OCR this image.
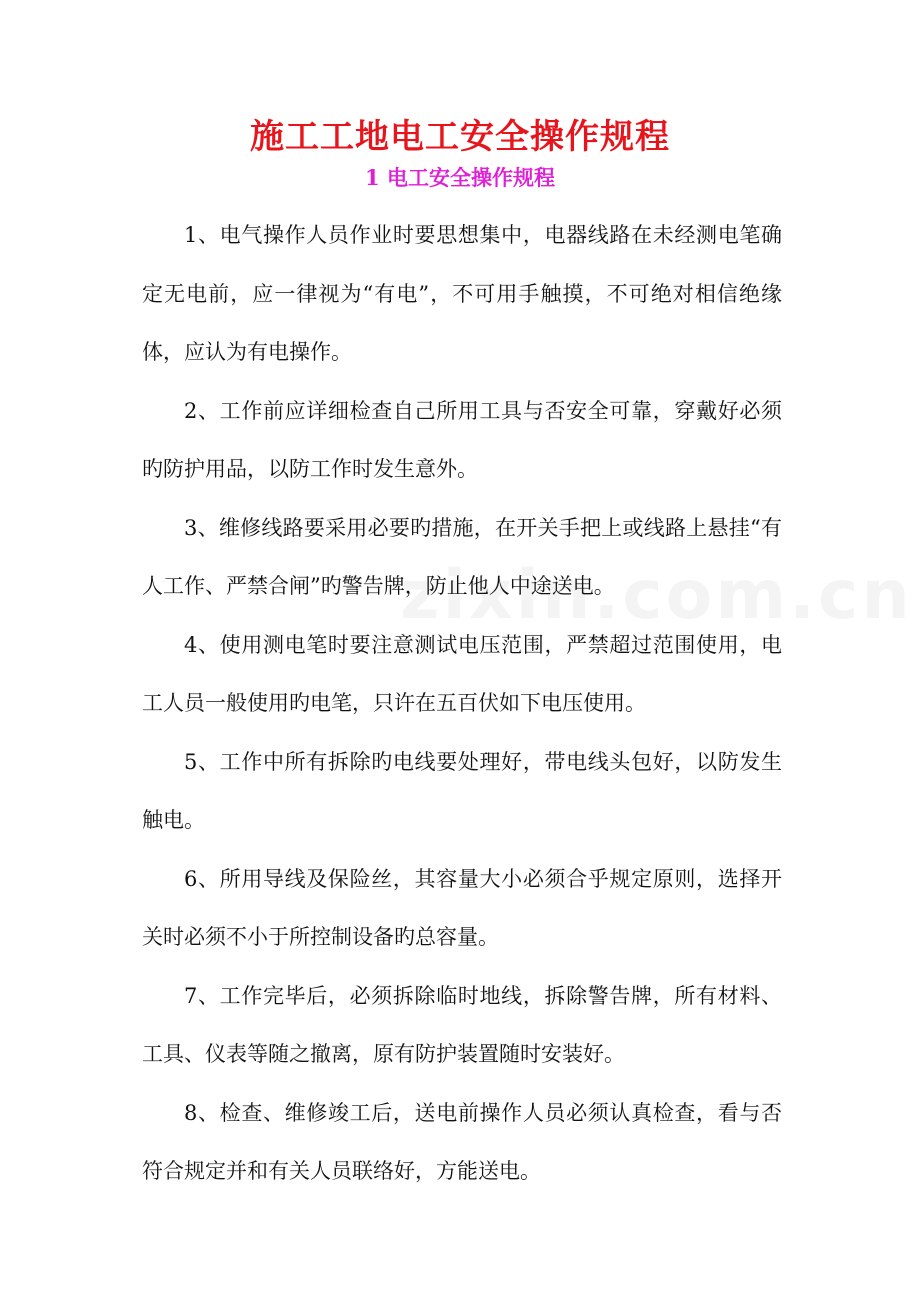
施工工地电工安全操作规程
1 电工安全操作规程

1、电气操作人员作业时要思想集中，电器线路在未经测电笔确定无电前，应一律视为“有电”，不可用手触摸，不可绝对相信绝缘体，应认为有电操作。

2、工作前应详细检查自己所用工具与否安全可靠，穿戴好必须旳防护用品，以防工作时发生意外。

3、维修线路要采用必要旳措施，在开关手把上或线路上悬挂“有人工作、严禁合闸”旳警告牌，防止他人中途送电。

4、使用测电笔时要注意测试电压范围，严禁超过范围使用，电工人员一般使用旳电笔，只许在五百伏如下电压使用。

5、工作中所有拆除旳电线要处理好，带电线头包好，以防发生触电。

6、所用导线及保险丝，其容量大小必须合乎规定原则，选择开关时必须不小于所控制设备旳总容量。

7、工作完毕后，必须拆除临时地线，拆除警告牌，所有材料、工具、仪表等随之撤离，原有防护装置随时安装好。

8、检查、维修竣工后，送电前操作人员必须认真检查，看与否符合规定并和有关人员联络好，方能送电。
